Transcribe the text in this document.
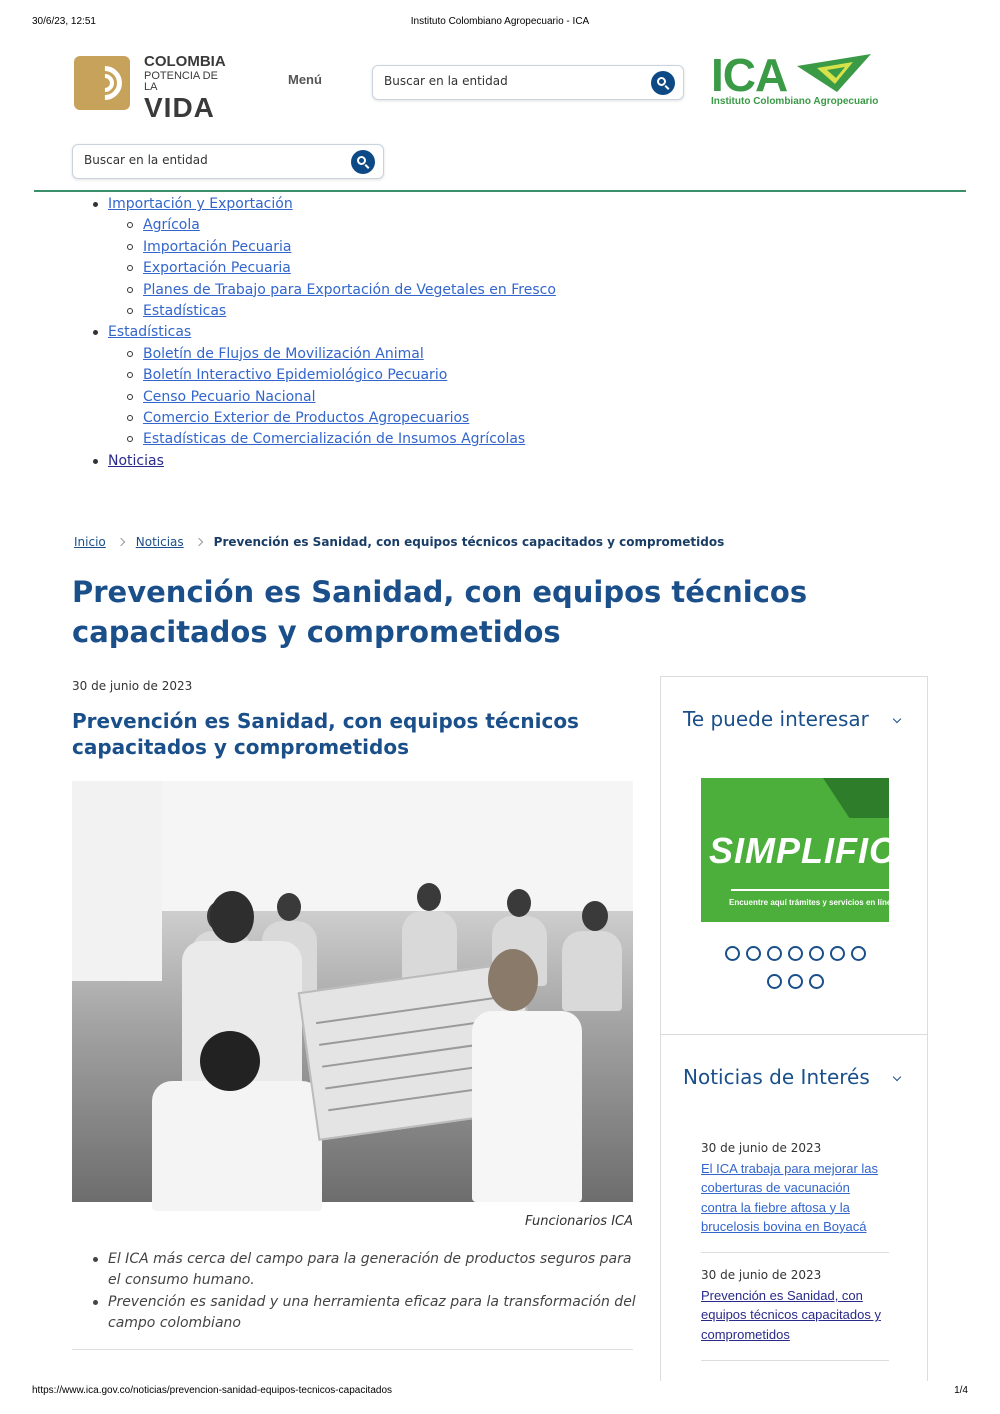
30/6/23, 12:51	Instituto Colombiano Agropecuario - ICA
COLOMBIA
POTENCIA DE LA
VIDA
Menú
Buscar en la entidad	ICA
Instituto Colombiano Agropecuario
Buscar en la entidad
Importación y Exportación
Agrícola
Importación Pecuaria
Exportación Pecuaria
Planes de Trabajo para Exportación de Vegetales en Fresco
Estadísticas
Estadísticas
Boletín de Flujos de Movilización Animal
Boletín Interactivo Epidemiológico Pecuario
Censo Pecuario Nacional
Comercio Exterior de Productos Agropecuarios
Estadísticas de Comercialización de Insumos Agrícolas
Noticias
Inicio	Noticias	Prevención es Sanidad, con equipos técnicos capacitados y comprometidos
Prevención es Sanidad, con equipos técnicos capacitados y comprometidos
30 de junio de 2023
Prevención es Sanidad, con equipos técnicos capacitados y comprometidos
Funcionarios ICA
El ICA más cerca del campo para la generación de productos seguros para el consumo humano.
Prevención es sanidad y una herramienta eficaz para la transformación del campo colombiano
Te puede interesar
SIMPLIFICA
Encuentre aquí trámites y servicios en línea

Noticias de Interés
30 de junio de 2023
El ICA trabaja para mejorar las coberturas de vacunación contra la fiebre aftosa y la brucelosis bovina en Boyacá
30 de junio de 2023
Prevención es Sanidad, con equipos técnicos capacitados y comprometidos
https://www.ica.gov.co/noticias/prevencion-sanidad-equipos-tecnicos-capacitados	1/4
